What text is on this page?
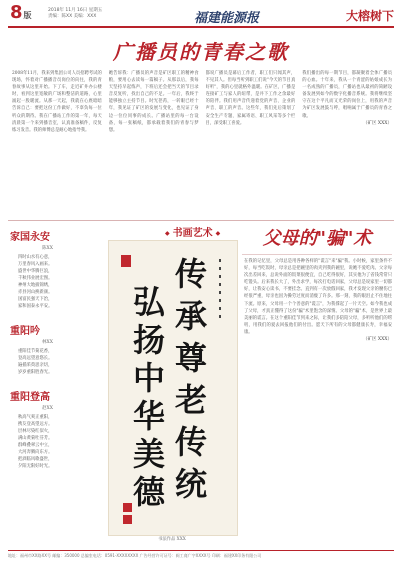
8版
2018年 11月 16日 星期五
责编：陈XX 美编：XXX	福建能源报	大榕树下
广播员的青春之歌
2008年11月，我来到集团公司人员招聘考试的现场，怀着对广播播音员岗位的向往，我的青春故事从这里开始。下了车，走近矿井办公楼时，看到这里宽敞的广场和整洁的道路，心里涌起一股暖流。从那一天起，我就在心底暗暗告诉自己：要把这份工作做好，不辜负每一位听众的期待。我在广播站工作的第一年，每天清晨第一个来到播音室，认真准备稿件，反复练习发音。我的师傅总是耐心地指导我。
她告诉我：广播员的声音是矿区职工的精神食粮，要用心去读每一篇稿子。从那以后，我每天坚持早起练声，下班后还会把当天的节目录音反复听，找出自己的不足。一年后，我终于能够独立主持节目。时光荏苒，一转眼已经十年，我见证了矿区的发展与变化，也见证了身边一位位同事的成长。广播站里的每一台设备，每一张稿纸，都承载着我们的青春与梦想。
都说广播员是幕后工作者，职工们只闻其声，不见其人。但每当听到职工们说"今天的节目真好听"，我的心里就格外温暖。在矿区，广播是连接矿工与家人的纽带，是井下工作之余最好的陪伴。我们用声音传递着党的声音、企业的声音、职工的声音。这些年，我们先后策划了安全生产专题、家属寄语、职工风采等多个栏目，深受职工喜爱。
我们播出的每一期节目，都凝聚着全体广播员的心血。十年来，我从一个青涩的姑娘成长为一名成熟的广播员，广播站也从最初的简陋设备发展到如今的数字化播音系统。我将继续坚守在这个平凡而又光荣的岗位上，用我的声音为矿区发展鼓与呼，唱响属于广播员的青春之歌。
（矿区 XXX）
家国永安
陈XX
四时山水有心意，
万里春风入画来。
盛世中华腾巨浪，
千秋伟业展宏图。
神州大地披锦绣，
赤县河山换新颜。
国富民强天下治，
家和国泰永平安。
重阳吟
林XX
重阳佳节菊花香，
登高远望意悠长。
遍插茱萸思亲切，
岁岁重阳胜春光。
重阳登高
赵XX
秋高气爽正重阳，
携友登高望远方。
层林尽染红似火，
满山黄菊吐芬芳。
群峰叠翠云中立，
大河奔腾向东方。
把酒临风歌盛世，
夕阳无限好时光。
◆ 书画艺术 ◆
传承尊老传统
弘扬中华美德
书法作品 XXX
父母的"骗"术
在我的记忆里，父母总是用各种各样的"谎言"来"骗"我。小时候，家里条件不好，每当吃饭时，母亲总是把碗里的肉夹到我的碗里，说她不爱吃肉。父亲每次出差回来，总说外面的饭菜很便宜，自己吃得很好，其实他为了省钱常常只吃馒头。后来我长大了，外出求学，每次打电话回家，父母总是说家里一切都好，让我安心读书，不要挂念。直到有一次放假回家，我才发现父亲的腰伤已经很严重，母亲也因为操劳过度而消瘦了许多。那一刻，我的眼泪止不住地往下流。原来，父母用一个个善意的"谎言"，为我撑起了一片天空。如今我也成了父母，才真正懂得了这份"骗"术里饱含的深情。父母的"骗"术，是世界上最美丽的谎言。在这个重阳佳节到来之际，让我们多陪陪父母，多听听他们的唠叨，用我们的爱去回报他们的付出。愿天下所有的父母都健康长寿，幸福安康。
（矿区 XXX）
地址：福州市XX路XX号 邮编：350000 总编室电话：0591-XXXXXXXX 广告经营许可证号：闽工商广字XXXX号 印刷：福建XX印务有限公司
